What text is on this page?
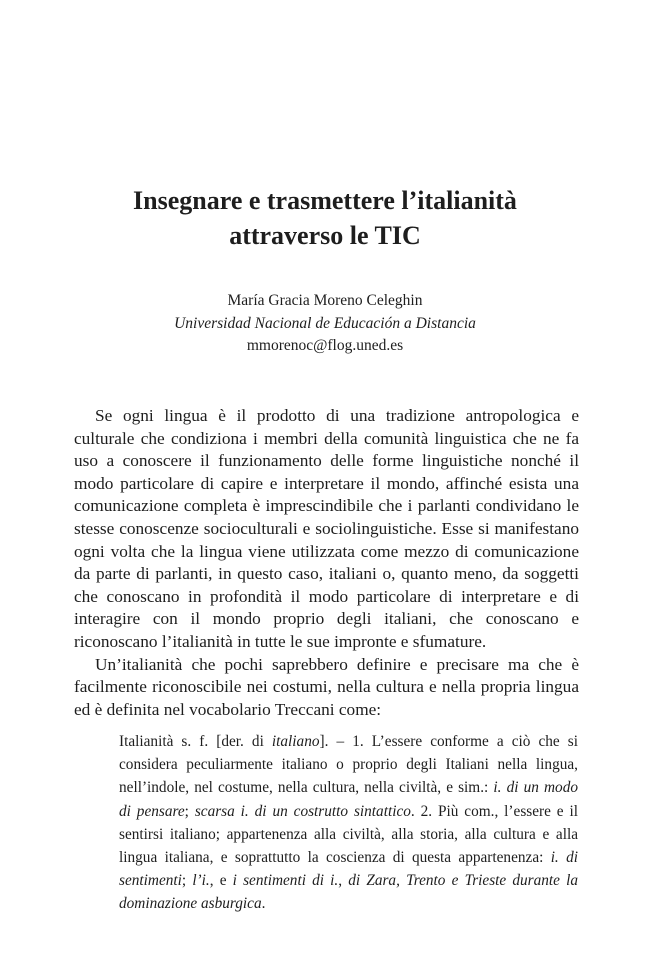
Insegnare e trasmettere l’italianità
attraverso le TIC
María Gracia Moreno Celeghin
Universidad Nacional de Educación a Distancia
mmorenoc@flog.uned.es

Se ogni lingua è il prodotto di una tradizione antropologica e culturale che condiziona i membri della comunità linguistica che ne fa uso a conoscere il funzionamento delle forme linguistiche nonché il modo particolare di capire e interpretare il mondo, affinché esista una comunicazione completa è imprescindibile che i parlanti condividano le stesse conoscenze socioculturali e sociolinguistiche. Esse si manifestano ogni volta che la lingua viene utilizzata come mezzo di comunicazione da parte di parlanti, in questo caso, italiani o, quanto meno, da soggetti che conoscano in profondità il modo particolare di interpretare e di interagire con il mondo proprio degli italiani, che conoscano e riconoscano l’italianità in tutte le sue impronte e sfumature.

Un’italianità che pochi saprebbero definire e precisare ma che è facilmente riconoscibile nei costumi, nella cultura e nella propria lingua ed è definita nel vocabolario Treccani come:

Italianità s. f. [der. di italiano]. – 1. L’essere conforme a ciò che si considera peculiarmente italiano o proprio degli Italiani nella lingua, nell’indole, nel costume, nella cultura, nella civiltà, e sim.: i. di un modo di pensare; scarsa i. di un costrutto sintattico. 2. Più com., l’essere e il sentirsi italiano; appartenenza alla civiltà, alla storia, alla cultura e alla lingua italiana, e soprattutto la coscienza di questa appartenenza: i. di sentimenti; l’i., e i sentimenti di i., di Zara, Trento e Trieste durante la dominazione asburgica.
